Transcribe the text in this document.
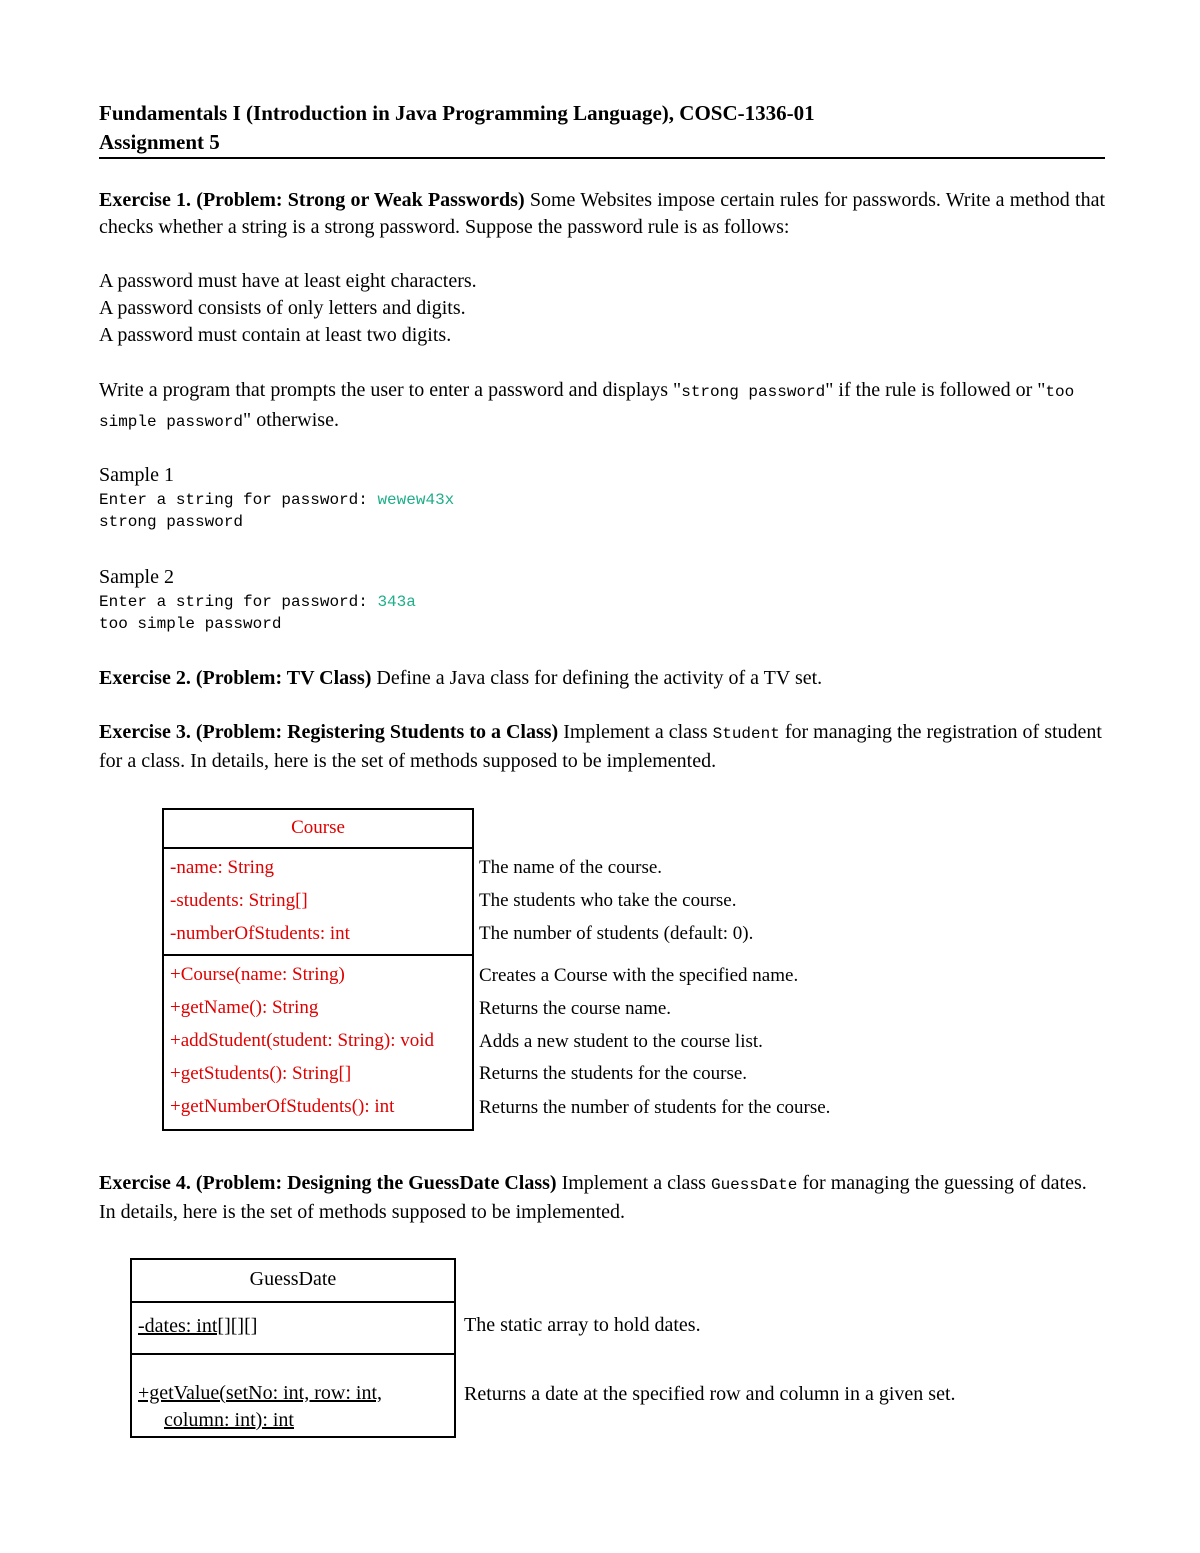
Fundamentals I (Introduction in Java Programming Language), COSC-1336-01
Assignment 5

Exercise 1. (Problem: Strong or Weak Passwords) Some Websites impose certain rules for passwords. Write a method that checks whether a string is a strong password. Suppose the password rule is as follows:

A password must have at least eight characters.

A password consists of only letters and digits.

A password must contain at least two digits.

Write a program that prompts the user to enter a password and displays "strong password" if the rule is followed or "too simple password" otherwise.

Sample 1

Enter a string for password: wewew43x
strong password

Sample 2

Enter a string for password: 343a
too simple password

Exercise 2. (Problem: TV Class) Define a Java class for defining the activity of a TV set.

Exercise 3. (Problem: Registering Students to a Class) Implement a class Student for managing the registration of student for a class. In details, here is the set of methods supposed to be implemented.

Course
-name: String
-students: String[]
-numberOfStudents: int
+Course(name: String)
+getName(): String
+addStudent(student: String): void
+getStudents(): String[]
+getNumberOfStudents(): int
The name of the course.
The students who take the course.
The number of students (default: 0).
Creates a Course with the specified name.
Returns the course name.
Adds a new student to the course list.
Returns the students for the course.
Returns the number of students for the course.

Exercise 4. (Problem: Designing the GuessDate Class) Implement a class GuessDate for managing the guessing of dates. In details, here is the set of methods supposed to be implemented.

GuessDate
-dates: int[][][]
+getValue(setNo: int, row: int,
column: int): int
The static array to hold dates.
Returns a date at the specified row and column in a given set.
